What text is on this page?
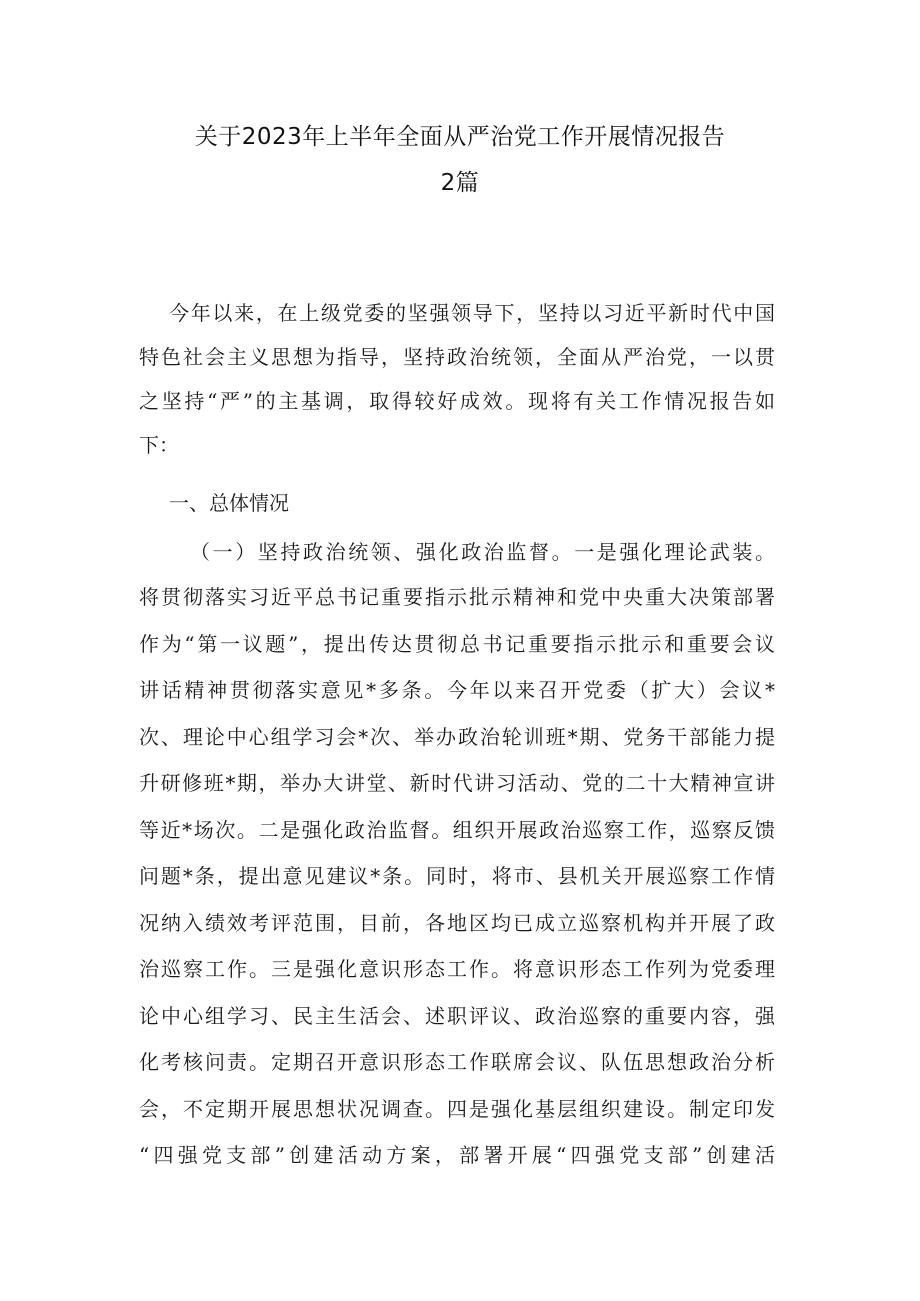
关于2023年上半年全面从严治党工作开展情况报告
2篇
今年以来，在上级党委的坚强领导下，坚持以习近平新时代中国
特色社会主义思想为指导，坚持政治统领，全面从严治党，一以贯
之坚持“严”的主基调，取得较好成效。现将有关工作情况报告如
下：
一、总体情况
（一）坚持政治统领、强化政治监督。一是强化理论武装。
将贯彻落实习近平总书记重要指示批示精神和党中央重大决策部署
作为“第一议题”，提出传达贯彻总书记重要指示批示和重要会议
讲话精神贯彻落实意见*多条。今年以来召开党委（扩大）会议*
次、理论中心组学习会*次、举办政治轮训班*期、党务干部能力提
升研修班*期，举办大讲堂、新时代讲习活动、党的二十大精神宣讲
等近*场次。二是强化政治监督。组织开展政治巡察工作，巡察反馈
问题*条，提出意见建议*条。同时，将市、县机关开展巡察工作情
况纳入绩效考评范围，目前，各地区均已成立巡察机构并开展了政
治巡察工作。三是强化意识形态工作。将意识形态工作列为党委理
论中心组学习、民主生活会、述职评议、政治巡察的重要内容，强
化考核问责。定期召开意识形态工作联席会议、队伍思想政治分析
会，不定期开展思想状况调查。四是强化基层组织建设。制定印发
“四强党支部”创建活动方案，部署开展“四强党支部”创建活
